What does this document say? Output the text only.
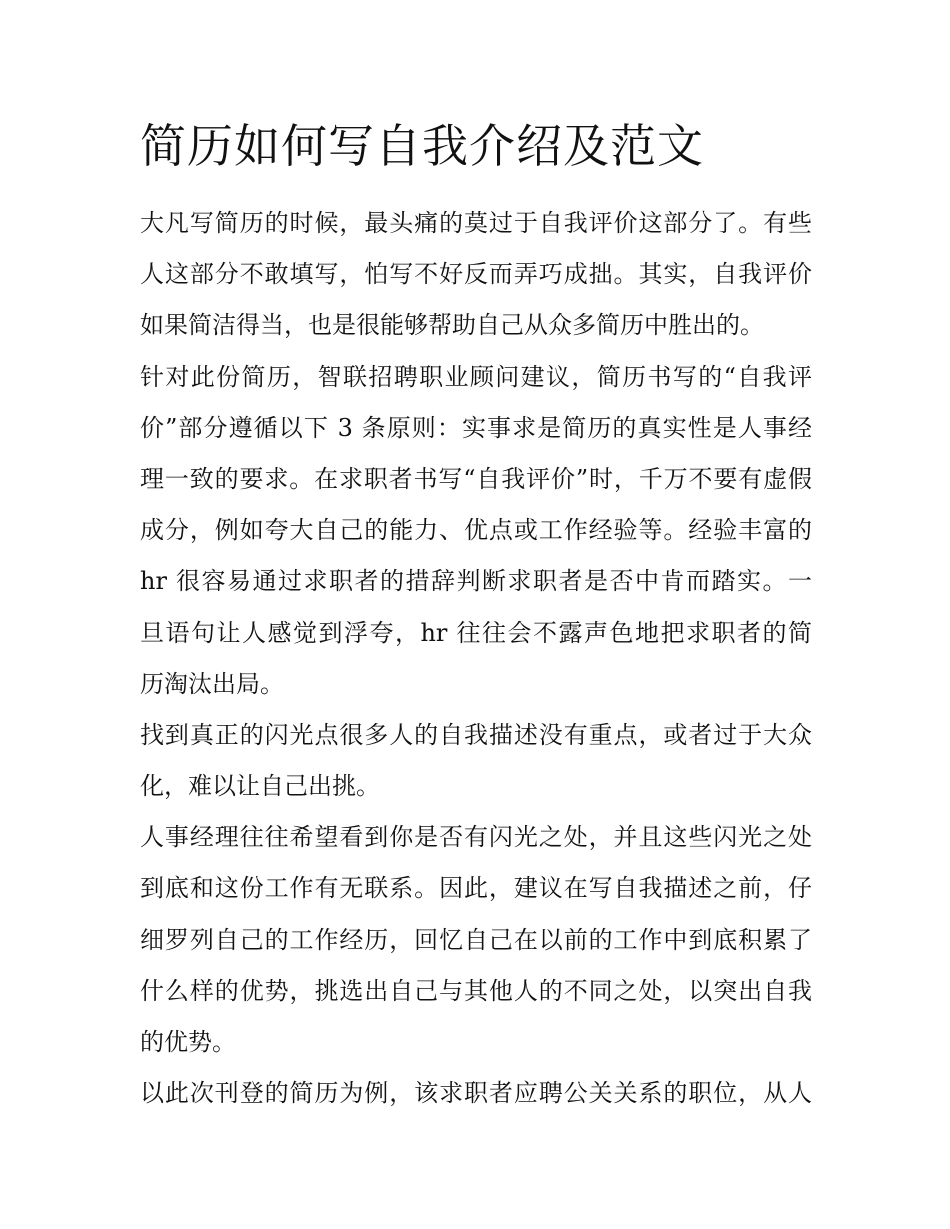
简历如何写自我介绍及范文
大凡写简历的时候，最头痛的莫过于自我评价这部分了。有些
人这部分不敢填写，怕写不好反而弄巧成拙。其实，自我评价
如果简洁得当，也是很能够帮助自己从众多简历中胜出的。
针对此份简历，智联招聘职业顾问建议，简历书写的“自我评
价”部分遵循以下 3 条原则：实事求是简历的真实性是人事经
理一致的要求。在求职者书写“自我评价”时，千万不要有虚假
成分，例如夸大自己的能力、优点或工作经验等。经验丰富的
hr 很容易通过求职者的措辞判断求职者是否中肯而踏实。一
旦语句让人感觉到浮夸，hr 往往会不露声色地把求职者的简
历淘汰出局。
找到真正的闪光点很多人的自我描述没有重点，或者过于大众
化，难以让自己出挑。
人事经理往往希望看到你是否有闪光之处，并且这些闪光之处
到底和这份工作有无联系。因此，建议在写自我描述之前，仔
细罗列自己的工作经历，回忆自己在以前的工作中到底积累了
什么样的优势，挑选出自己与其他人的不同之处，以突出自我
的优势。
以此次刊登的简历为例，该求职者应聘公关关系的职位，从人
